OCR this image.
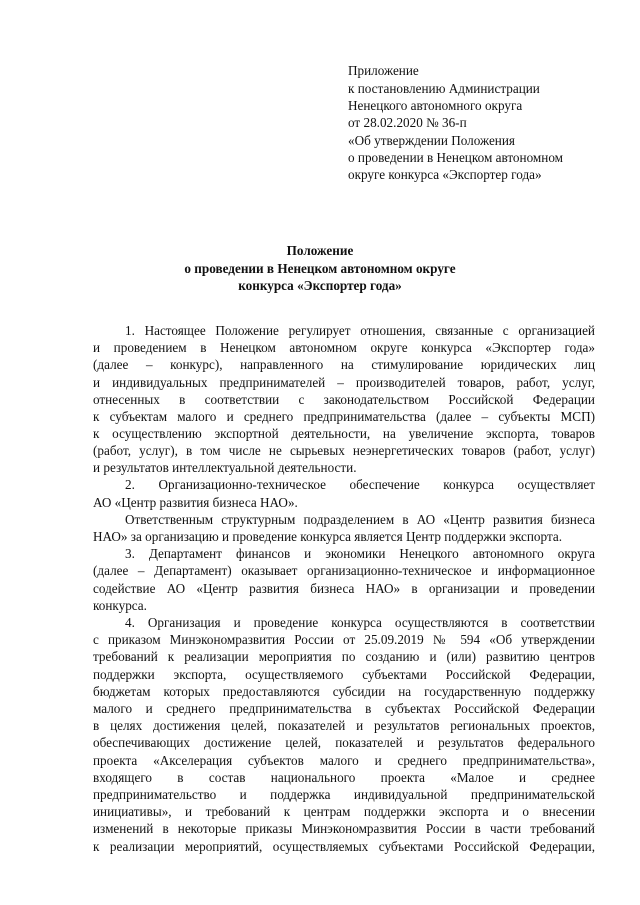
Приложение
к постановлению Администрации
Ненецкого автономного округа
от 28.02.2020 № 36-п
«Об утверждении Положения
о проведении в Ненецком автономном
округе конкурса «Экспортер года»
Положение
о проведении в Ненецком автономном округе
конкурса «Экспортер года»
1. Настоящее Положение регулирует отношения, связанные с организацией
и проведением в Ненецком автономном округе конкурса «Экспортер года»
(далее – конкурс), направленного на стимулирование юридических лиц
и индивидуальных предпринимателей – производителей товаров, работ, услуг,
отнесенных в соответствии с законодательством Российской Федерации
к субъектам малого и среднего предпринимательства (далее – субъекты МСП)
к осуществлению экспортной деятельности, на увеличение экспорта, товаров
(работ, услуг), в том числе не сырьевых неэнергетических товаров (работ, услуг)
и результатов интеллектуальной деятельности.
2. Организационно-техническое обеспечение конкурса осуществляет
АО «Центр развития бизнеса НАО».
Ответственным структурным подразделением в АО «Центр развития бизнеса
НАО» за организацию и проведение конкурса является Центр поддержки экспорта.
3. Департамент финансов и экономики Ненецкого автономного округа
(далее – Департамент) оказывает организационно-техническое и информационное
содействие АО «Центр развития бизнеса НАО» в организации и проведении
конкурса.
4. Организация и проведение конкурса осуществляются в соответствии
с приказом Минэкономразвития России от 25.09.2019 № 594 «Об утверждении
требований к реализации мероприятия по созданию и (или) развитию центров
поддержки экспорта, осуществляемого субъектами Российской Федерации,
бюджетам которых предоставляются субсидии на государственную поддержку
малого и среднего предпринимательства в субъектах Российской Федерации
в целях достижения целей, показателей и результатов региональных проектов,
обеспечивающих достижение целей, показателей и результатов федерального
проекта «Акселерация субъектов малого и среднего предпринимательства»,
входящего в состав национального проекта «Малое и среднее
предпринимательство и поддержка индивидуальной предпринимательской
инициативы», и требований к центрам поддержки экспорта и о внесении
изменений в некоторые приказы Минэкономразвития России в части требований
к реализации мероприятий, осуществляемых субъектами Российской Федерации,
